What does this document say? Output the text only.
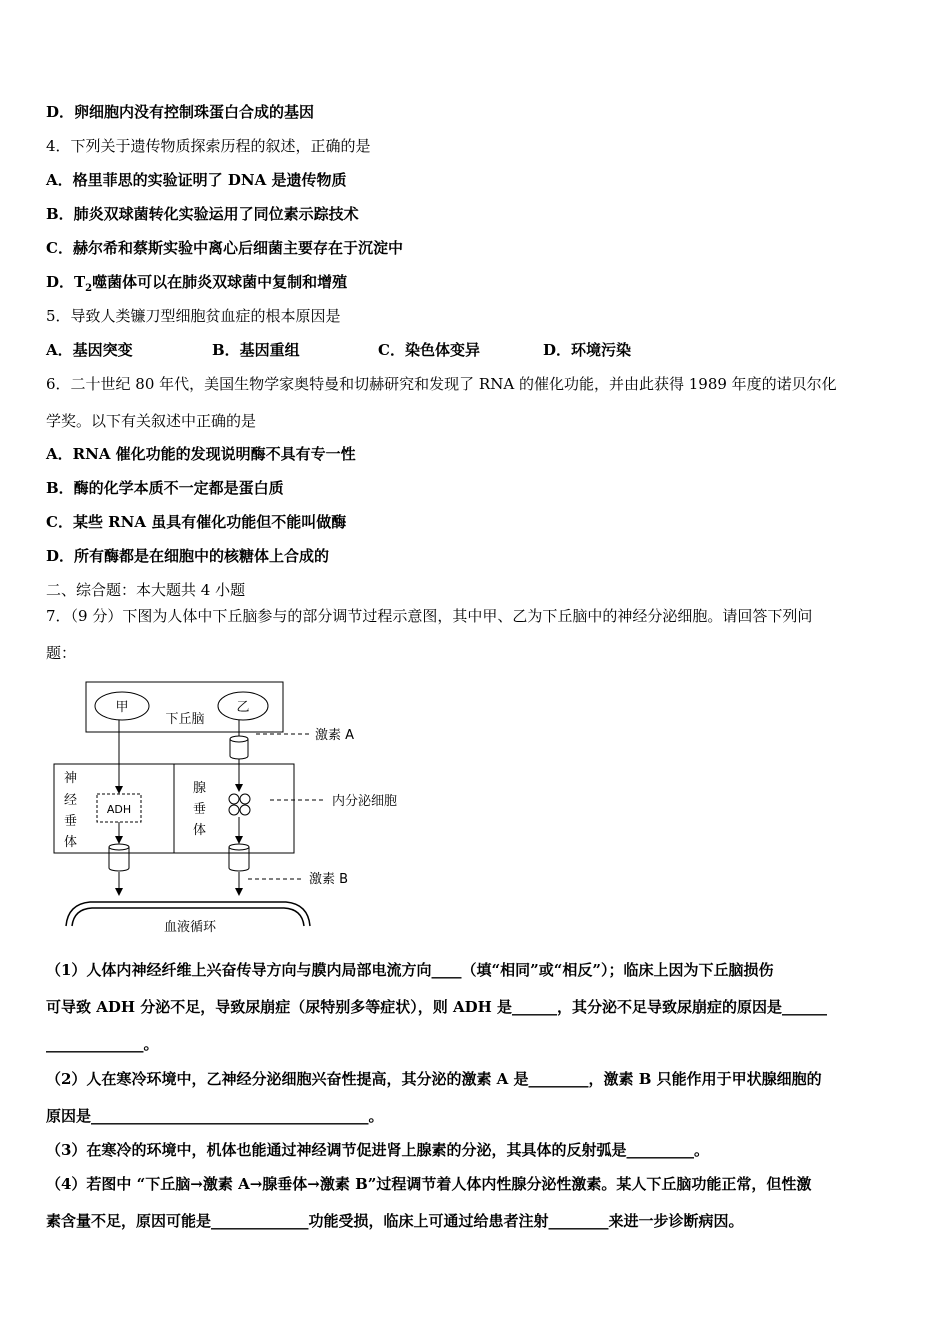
D．卵细胞内没有控制珠蛋白合成的基因
4．下列关于遗传物质探索历程的叙述，正确的是
A．格里菲思的实验证明了 DNA 是遗传物质
B．肺炎双球菌转化实验运用了同位素示踪技术
C．赫尔希和蔡斯实验中离心后细菌主要存在于沉淀中
D．$T_2$噬菌体可以在肺炎双球菌中复制和增殖
5．导致人类镰刀型细胞贫血症的根本原因是
A．基因突变	B．基因重组	C．染色体变异	D．环境污染
6．二十世纪 80 年代，美国生物学家奥特曼和切赫研究和发现了 RNA 的催化功能，并由此获得 1989 年度的诺贝尔化
学奖。以下有关叙述中正确的是
A．RNA 催化功能的发现说明酶不具有专一性
B．酶的化学本质不一定都是蛋白质
C．某些 RNA 虽具有催化功能但不能叫做酶
D．所有酶都是在细胞中的核糖体上合成的
二、综合题：本大题共 4 小题
7．（9 分）下图为人体中下丘脑参与的部分调节过程示意图，其中甲、乙为下丘脑中的神经分泌细胞。请回答下列问
题：
甲
下丘脑
乙
激素 A
神
经
垂
体
ADH
腺
垂
体
内分泌细胞
激素 B
血液循环
（1）人体内神经纤维上兴奋传导方向与膜内局部电流方向____（填“相同”或“相反”）；临床上因为下丘脑损伤
可导致 ADH 分泌不足，导致尿崩症（尿特别多等症状），则 ADH 是______，其分泌不足导致尿崩症的原因是______
_____________。
（2）人在寒冷环境中，乙神经分泌细胞兴奋性提高，其分泌的激素 A 是________，激素 B 只能作用于甲状腺细胞的
原因是_____________________________________。
（3）在寒冷的环境中，机体也能通过神经调节促进肾上腺素的分泌，其具体的反射弧是_________。
（4）若图中 “下丘脑→激素 A→腺垂体→激素 B”过程调节着人体内性腺分泌性激素。某人下丘脑功能正常，但性激
素含量不足，原因可能是_____________功能受损，临床上可通过给患者注射________来进一步诊断病因。
